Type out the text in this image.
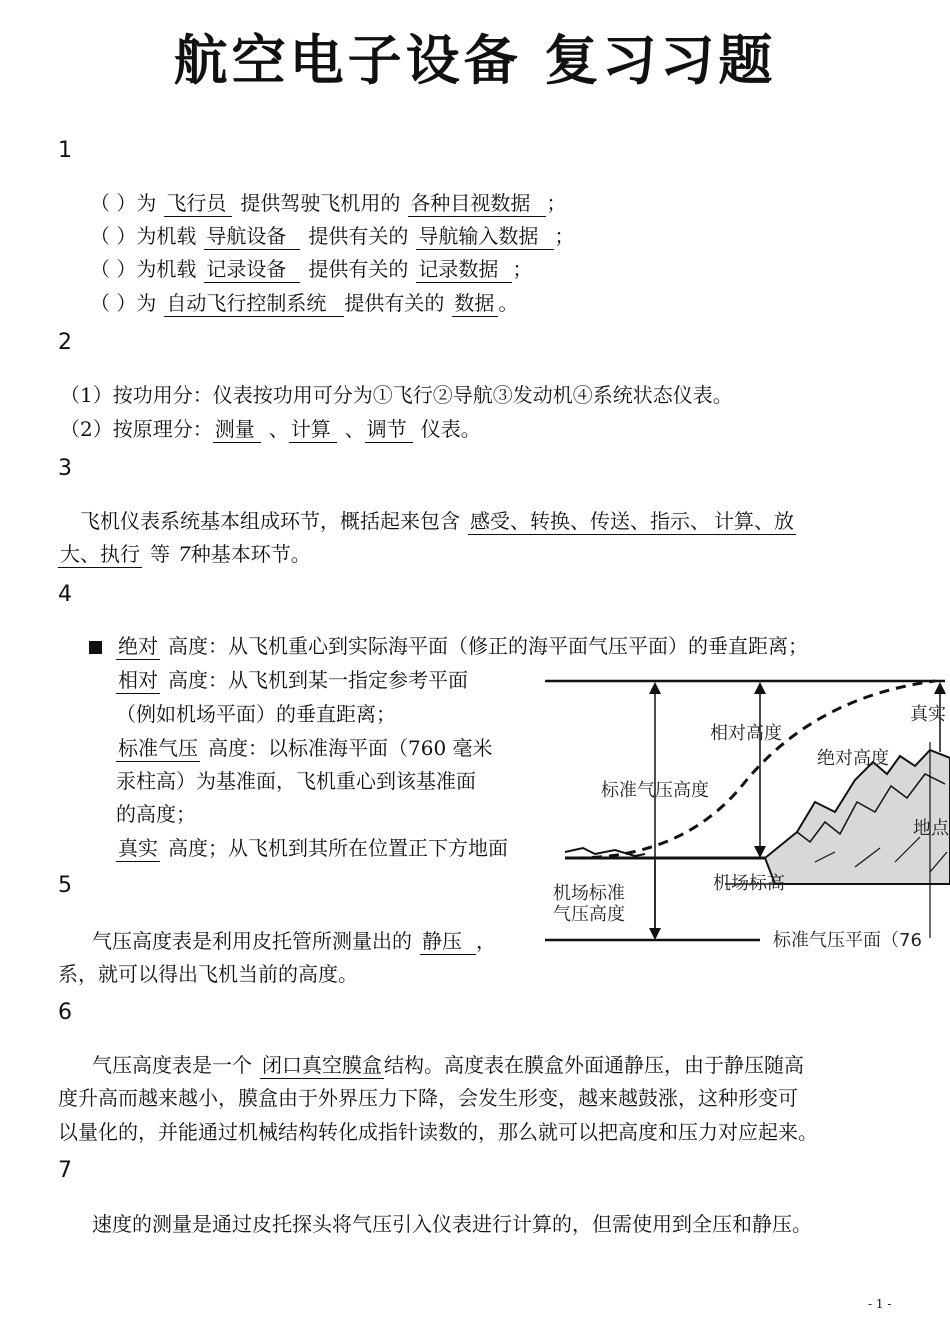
航空电子设备 复习习题
1
（ ）为 飞行员 提供驾驶飞机用的 各种目视数据 ；
（ ）为机载 导航设备 提供有关的 导航输入数据 ；
（ ）为机载 记录设备 提供有关的 记录数据 ；
（ ）为 自动飞行控制系统 提供有关的 数据 。
2
（1）按功用分：仪表按功用可分为①飞行②导航③发动机④系统状态仪表。
（2）按原理分： 测量 、 计算 、 调节 仪表。
3
飞机仪表系统基本组成环节，概括起来包含 感受、转换、传送、指示、 计算、放
大、执行 等 7种基本环节。
4
绝对 高度：从飞机重心到实际海平面（修正的海平面气压平面）的垂直距离；
相对 高度：从飞机到某一指定参考平面
（例如机场平面）的垂直距离；
标准气压 高度：以标准海平面（760 毫米
汞柱高）为基准面，飞机重心到该基准面
的高度；
真实 高度；从飞机到其所在位置正下方地面
相对高度
真实
绝对高度
标准气压高度
地点
机场标准
气压高度
机场标高
标准气压平面（76
5
气压高度表是利用皮托管所测量出的 静压 ，
系，就可以得出飞机当前的高度。
6
气压高度表是一个 闭口真空膜盒 结构。高度表在膜盒外面通静压，由于静压随高
度升高而越来越小，膜盒由于外界压力下降，会发生形变，越来越鼓涨，这种形变可
以量化的，并能通过机械结构转化成指针读数的，那么就可以把高度和压力对应起来。
7
速度的测量是通过皮托探头将气压引入仪表进行计算的，但需使用到全压和静压。
- 1 -
